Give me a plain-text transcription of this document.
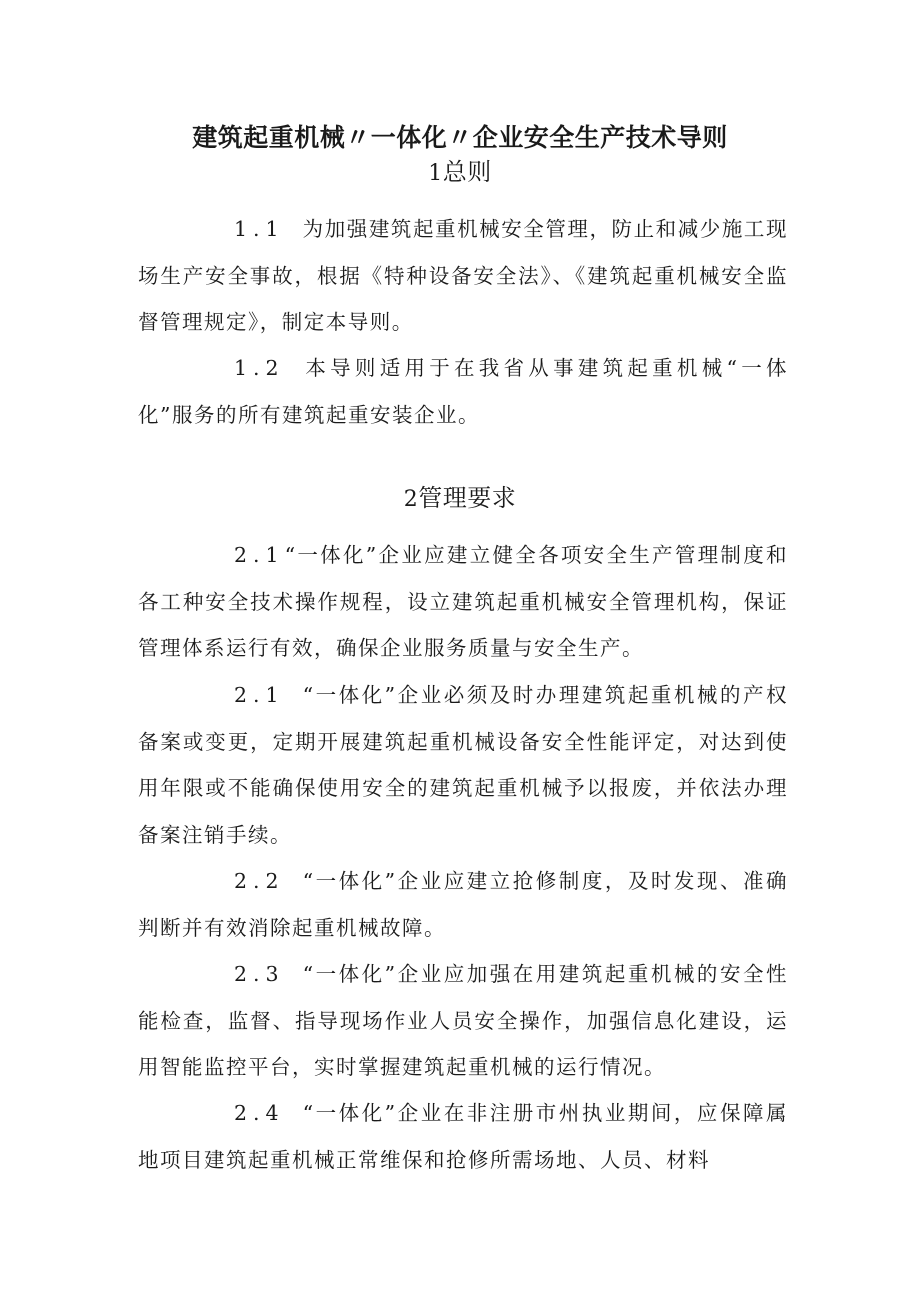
建筑起重机械〃一体化〃企业安全生产技术导则
1总则

1.1 为加强建筑起重机械安全管理，防止和减少施工现场生产安全事故，根据《特种设备安全法》、《建筑起重机械安全监督管理规定》，制定本导则。

1.2 本导则适用于在我省从事建筑起重机械“一体化”服务的所有建筑起重安装企业。

2管理要求

2.1“一体化”企业应建立健全各项安全生产管理制度和各工种安全技术操作规程，设立建筑起重机械安全管理机构，保证管理体系运行有效，确保企业服务质量与安全生产。

2.1 “一体化”企业必须及时办理建筑起重机械的产权备案或变更，定期开展建筑起重机械设备安全性能评定，对达到使用年限或不能确保使用安全的建筑起重机械予以报废，并依法办理备案注销手续。

2.2 “一体化”企业应建立抢修制度，及时发现、准确判断并有效消除起重机械故障。

2.3 “一体化”企业应加强在用建筑起重机械的安全性能检查，监督、指导现场作业人员安全操作，加强信息化建设，运用智能监控平台，实时掌握建筑起重机械的运行情况。

2.4 “一体化”企业在非注册市州执业期间，应保障属地项目建筑起重机械正常维保和抢修所需场地、人员、材料
